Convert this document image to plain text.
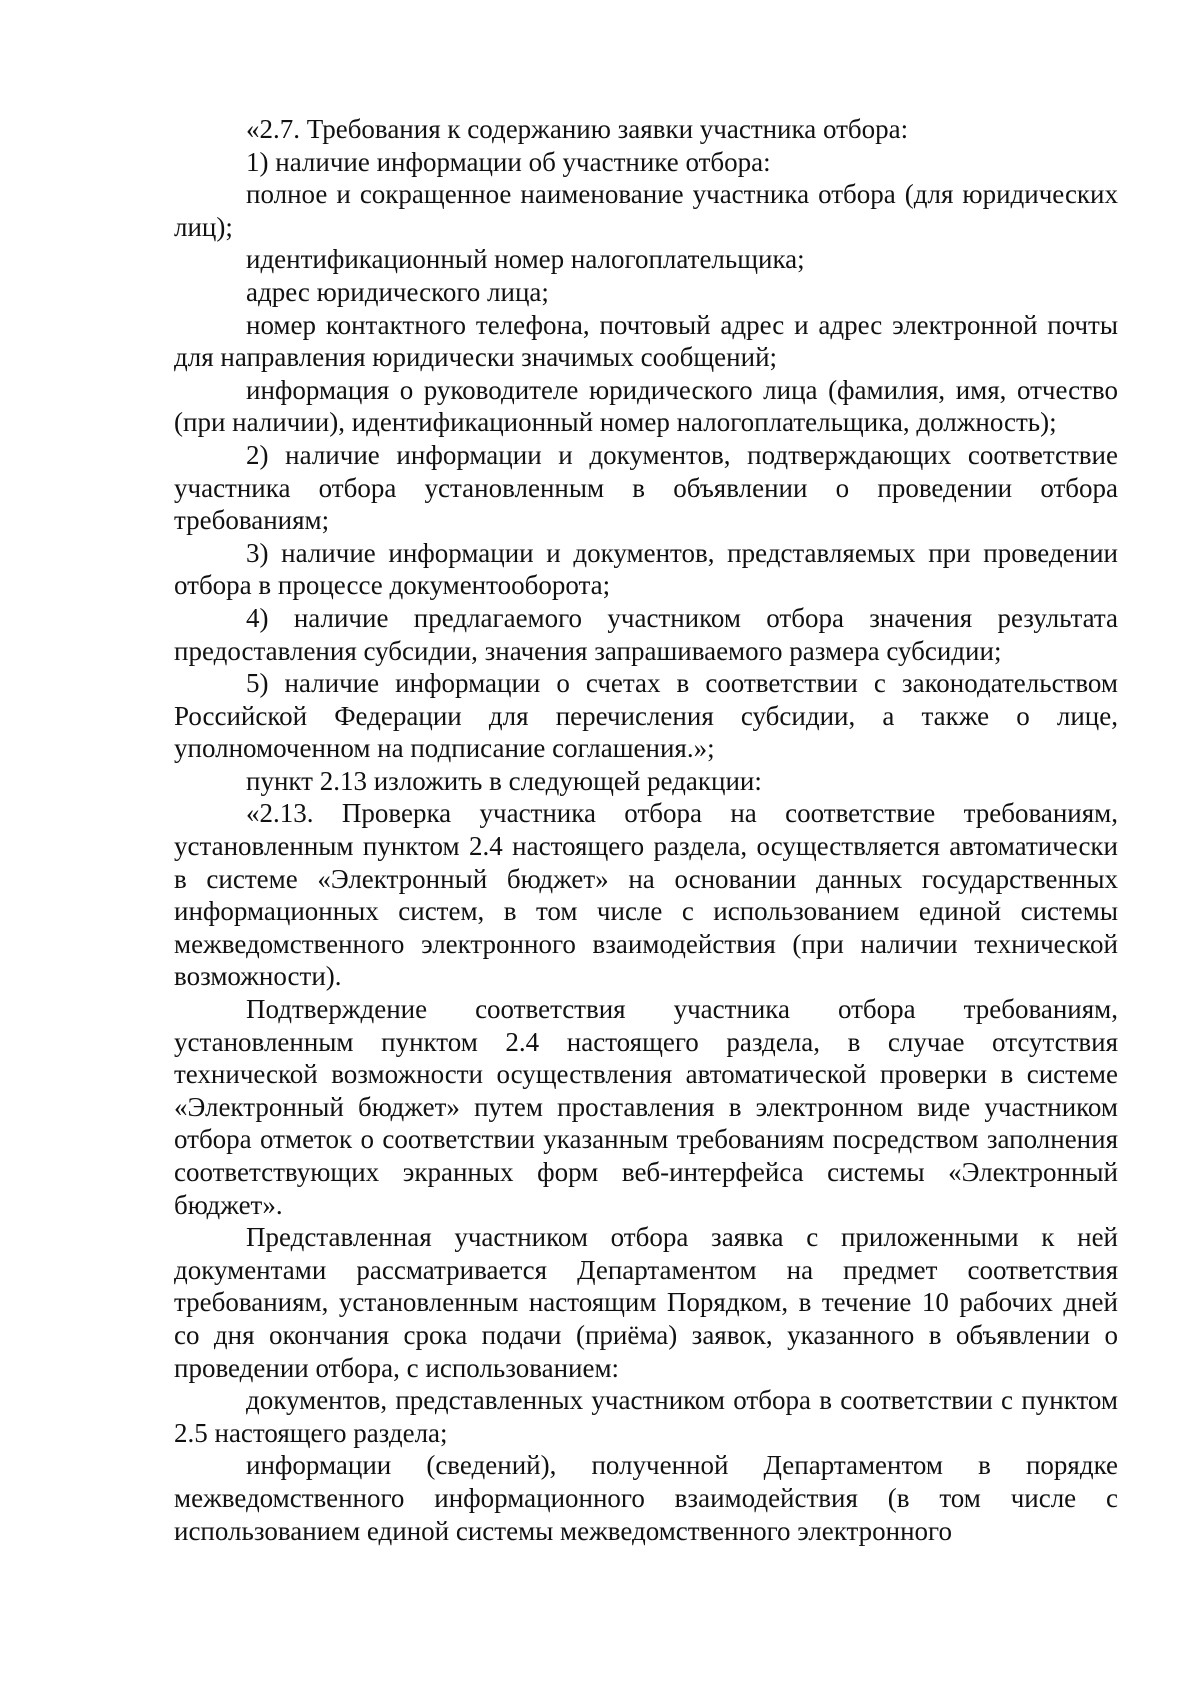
«2.7. Требования к содержанию заявки участника отбора:

1) наличие информации об участнике отбора:

полное и сокращенное наименование участника отбора (для юридических лиц);

идентификационный номер налогоплательщика;

адрес юридического лица;

номер контактного телефона, почтовый адрес и адрес электронной почты для направления юридически значимых сообщений;

информация о руководителе юридического лица (фамилия, имя, отчество (при наличии), идентификационный номер налогоплательщика, должность);

2) наличие информации и документов, подтверждающих соответствие участника отбора установленным в объявлении о проведении отбора требованиям;

3) наличие информации и документов, представляемых при проведении отбора в процессе документооборота;

4) наличие предлагаемого участником отбора значения результата предоставления субсидии, значения запрашиваемого размера субсидии;

5) наличие информации о счетах в соответствии с законодательством Российской Федерации для перечисления субсидии, а также о лице, уполномоченном на подписание соглашения.»;

пункт 2.13 изложить в следующей редакции:

«2.13. Проверка участника отбора на соответствие требованиям, установленным пунктом 2.4 настоящего раздела, осуществляется автоматически в системе «Электронный бюджет» на основании данных государственных информационных систем, в том числе с использованием единой системы межведомственного электронного взаимодействия (при наличии технической возможности).

Подтверждение соответствия участника отбора требованиям, установленным пунктом 2.4 настоящего раздела, в случае отсутствия технической возможности осуществления автоматической проверки в системе «Электронный бюджет» путем проставления в электронном виде участником отбора отметок о соответствии указанным требованиям посредством заполнения соответствующих экранных форм веб-интерфейса системы «Электронный бюджет».

Представленная участником отбора заявка с приложенными к ней документами рассматривается Департаментом на предмет соответствия требованиям, установленным настоящим Порядком, в течение 10 рабочих дней со дня окончания срока подачи (приёма) заявок, указанного в объявлении о проведении отбора, с использованием:

документов, представленных участником отбора в соответствии с пунктом 2.5 настоящего раздела;

информации (сведений), полученной Департаментом в порядке межведомственного информационного взаимодействия (в том числе с использованием единой системы межведомственного электронного
